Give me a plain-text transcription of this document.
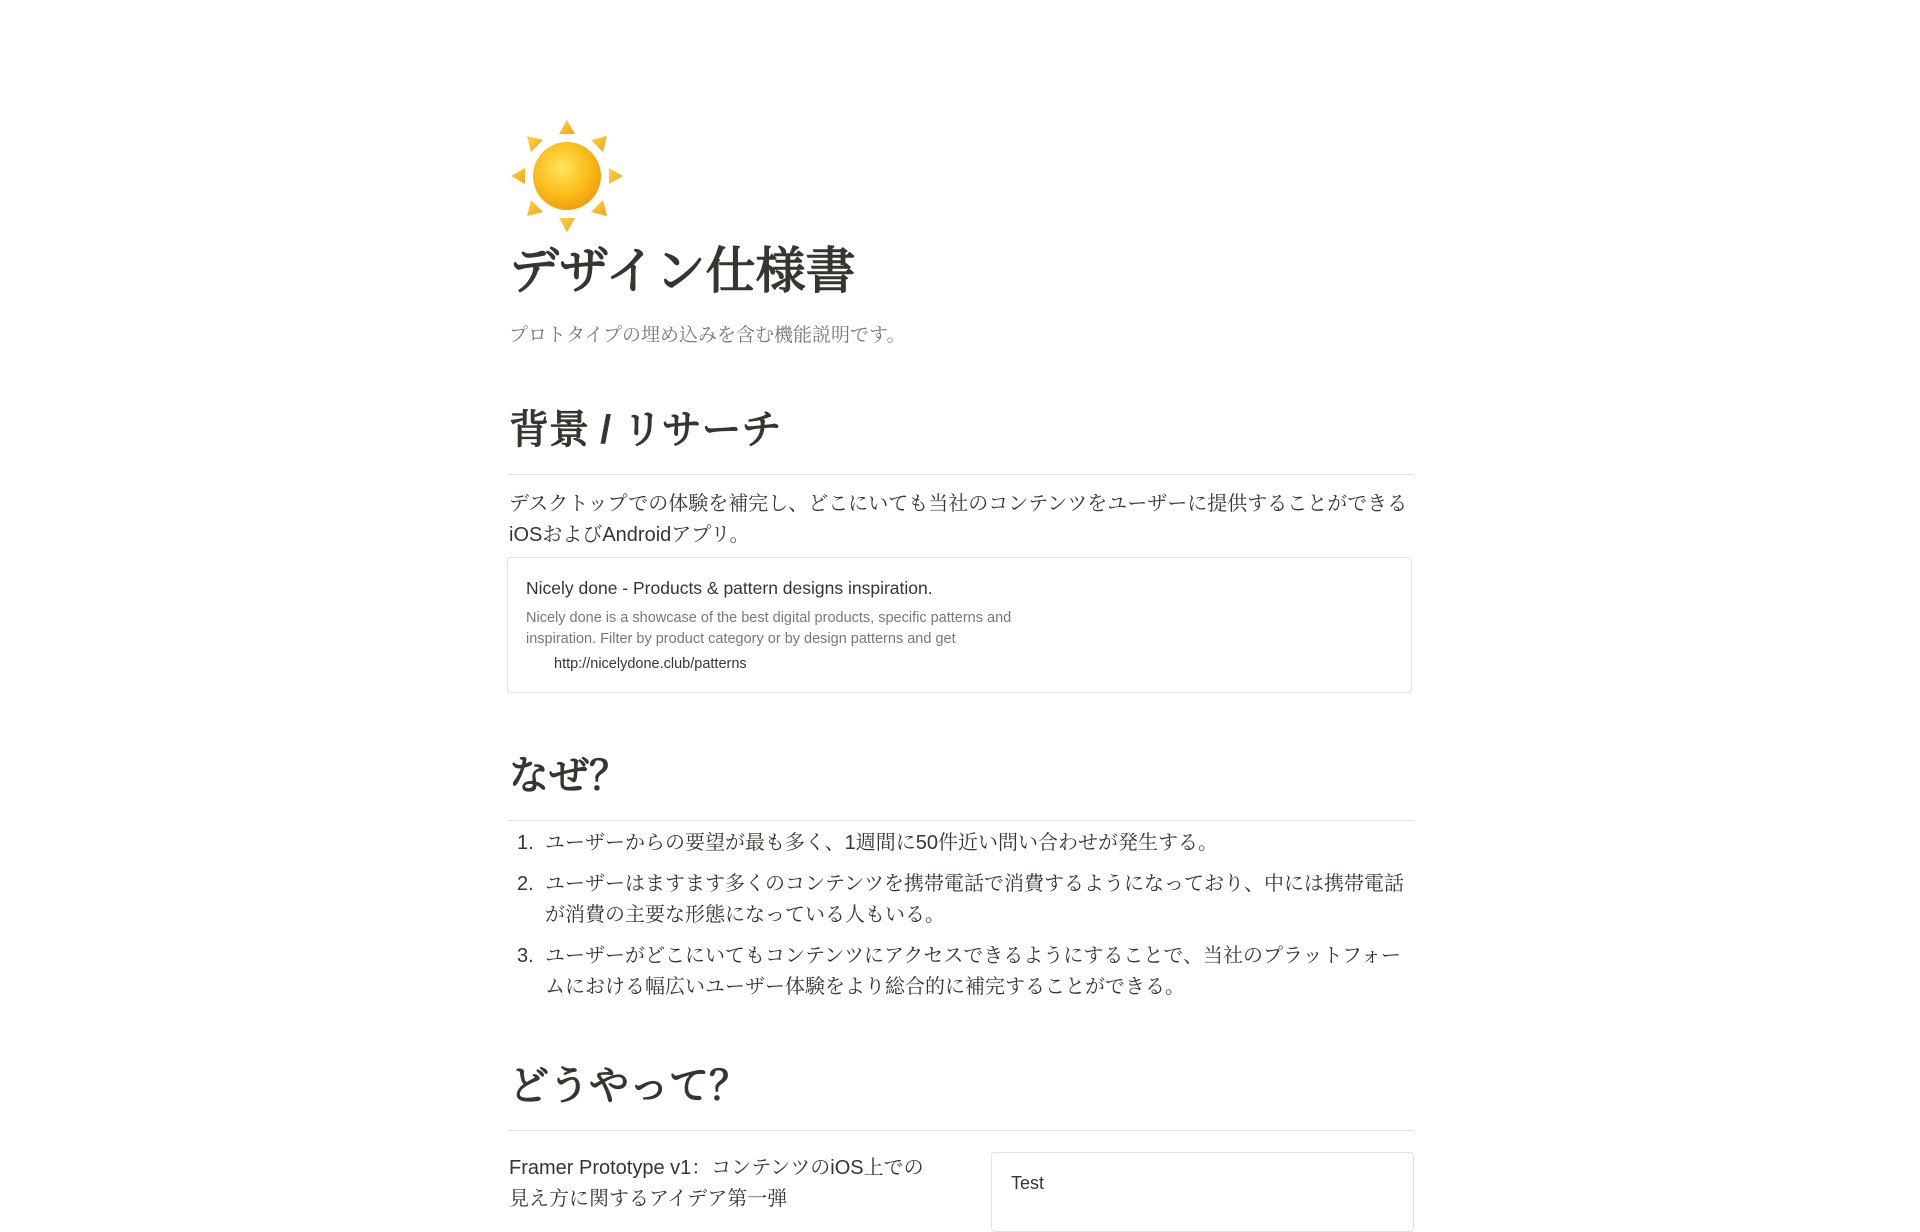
デザイン仕様書
プロトタイプの埋め込みを含む機能説明です。
背景 / リサーチ
デスクトップでの体験を補完し、どこにいても当社のコンテンツをユーザーに提供することができるiOSおよびAndroidアプリ。
Nicely done - Products & pattern designs inspiration.
Nicely done is a showcase of the best digital products, specific patterns and inspiration. Filter by product category or by design patterns and get
http://nicelydone.club/patterns
なぜ？
1. ユーザーからの要望が最も多く、1週間に50件近い問い合わせが発生する。
2. ユーザーはますます多くのコンテンツを携帯電話で消費するようになっており、中には携帯電話が消費の主要な形態になっている人もいる。
3. ユーザーがどこにいてもコンテンツにアクセスできるようにすることで、当社のプラットフォームにおける幅広いユーザー体験をより総合的に補完することができる。
どうやって？
Framer Prototype v1：コンテンツのiOS上での見え方に関するアイデア第一弾
Test
